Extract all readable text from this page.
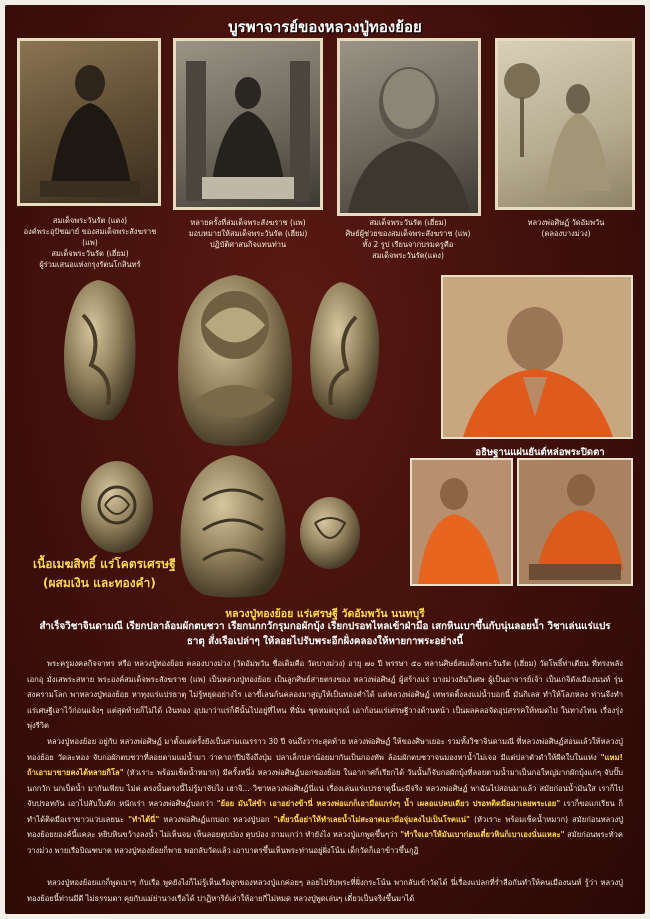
บูรพาจารย์ของหลวงปู่ทองย้อย
สมเด็จพระวันรัต (แดง)
องค์พระอุปัชฌาย์ ของสมเด็จพระสังฆราช (แพ)
สมเด็จพระวันรัต (เฮี่ยม)
ผู้ร่วมเสนอแห่งกรุงรัตนโกสินทร์
หลายครั้งที่สมเด็จพระสังฆราช (แพ)
มอบหมายให้สมเด็จพระวันรัต (เฮี่ยม)
ปฏิบัติศาสนกิจแทนท่าน
สมเด็จพระวันรัต (เฮี่ยม)
ศิษย์ผู้ช่วยของสมเด็จพระสังฆราช (แพ)
ทั้ง 2 รูป เรียนจากบรมครูคือ
สมเด็จพระวันรัต(แดง)
หลวงพ่อศิษฏ์ วัดอัมพวัน
(คลองบางม่วง)
เนื้อเมฆสิทธิ์ แร่โคตรเศรษฐี
(ผสมเงิน และทองคำ)
อธิษฐานแผ่นยันต์หล่อพระปิดตา
หลวงปู่ทองย้อย แร่เศรษฐี วัดอัมพวัน นนทบุรี
สำเร็จวิชาจินดามณี เรียกปลาล้อมผักตบชวา เรียกนกกวักรุมกอผักบุ้ง เรียกปรอทไหลเข้าฝ่ามือ เสกหินเบาขึ้นกับนุ่นลอยน้ำ วิชาเล่นแร่แปรธาตุ สั่งเรือเปล่าๆ ให้ลอยไปรับพระอีกฝั่งคลองให้หายกาพระอย่างนี้
พระครูมงคลกิจจาทร หรือ หลวงปู่ทองย้อย คลองบางม่วง (วัดอัมพวัน ชื่อเดิมคือ วัดบางม่วง) อายุ ๗๐ ปี พรรษา ๕๐ หลานศิษย์สมเด็จพระวันรัต (เฮี่ยม) วัดโพธิ์ท่าเตียน ที่ทรงพลังเอกอุ มั่งเสพระสหาย พระองค์สมเด็จพระสังฆราช (แพ) เป็นหลวงปู่ทองย้อย เป็นลูกศิษย์สายตรงของ หลวงพ่อศิษฏ์ ผู้สร้างแร่ บางม่วงอันวิเศษ ผู้เป็นอาจารย์เจ้า เป็นเกจิดังเมืองนนท์ รุ่นสงครามโลก พาหลวงปู่ทองย้อย หาทุงแร่แปรธาตุ ไม่รู้หยุดอย่างไร เอาขี้เลนก้นคลองมาสูญให้เป็นทองคำได้ แต่หลวงพ่อศิษฏ์ เทพรดติ้งลงแม่น้ำบอกนี้ มันกิเลส ทำให้โลภหลง ท่านจึงทำแร่เศษฐีเอาไว้ก่อนแจ้งๆ แต่สุดท้ายก็ไม่ได้ เงินทอง อุปมาว่าแร่ก็ดีนั้นไปอยู่ที่ไหน ที่นั่น ซุดหมดบุรณ์ เอาก้อนแร่เศรษฐีวางด้านหน้า เป็นผลคลอจัดอุปสรรคให้หมดไป ในทางไหน เรื่องรุ่ง พุ่งรีวิต
หลวงปู่ทองย้อย อยู่กับ หลวงพ่อศิษฏ์ มาตั้งแต่ครั้งยังเป็นสามเณรราว 30 ปี จนถึงวาระสุดท้าย หลวงพ่อศิษฏ์ ให้ของศิษาเยอะ รวมทั้งวิชาจินดามณี ที่หลวงพ่อศิษฏ์สอนแล้วให้หลวงปู่ทองย้อย วัดละหอง จับกอผักตบชวาที่ลอยตามแม่น้ำมา ว่าคาถาปีบจึงถึงปุ่ม ปลาเล็กปลาน้อยมากันเป็นกองทัพ ล้อมผักตบชวาจนมองหาน้ำไม่เจอ มีแต่ปลาตัวดำให้ผีดใบในแห่ง "แหม! ถ้าเอามาขายคงได้หลายกิโล" (หัวเราะ พร้อมเช็ดน้ำหมาก) มีครั้งหนึ่ง หลวงพ่อศิษฏ์บอกของย้อย ในอากาศก็เรียกได้ วันนั้นก็จับกอผักบุ้งที่ลอยตามน้ำมาเป็นกอใหญ่มากผักบุ้งแก่ๆ จับปั๊บ นกกวัก นกเป็ดน้ำ มากันเพียบ ไม่ต่ ตรงนั้นตรงนี้ไม่รู้มาจับไง เฮาจิ... วิชาหลวงพ่อศิษฏ์นี่แน่ เรื่องเล่นแร่แปรธาตุนี้นะมีจริง หลวงพ่อศิษฏ์ พาฉันไปสอนมาแล้ว สมัยก่อนน้ำมันใส เราก็ไปจับปรอทกัน เอาไปสับใบตัก หนักเร่า หลวงพ่อศิษฏ์บอกว่า "ย้อย มันใส่ข้า เอาอย่างข้านี่ หลวงพ่อแกก็เอามือแกร่งๆ น้ำ เผลอแปลบเดียว ปรอทติดมือมาเลยพระเอย" เราก็ขอแกเรียน ก็ทำได้ติดมือเราขาวแวบเลยนะ "ทำได้นี่" หลวงพ่อศิษฏ์แกบอก หลวงปู่บอก "เดี๋ยวนี้อย่าให้ทำเลยน้ำไม่สะอาดเอามือจุ่มลงไปเป็นโรคแน่" (หัวเราะ พร้อมเช็ดน้ำหมาก) สมัยก่อนหลวงปู่ทองย้อยยองค์นี้แคละ หยิบหินขว้างลงน้ำ ไม่เห็นจม เห็นลอยตุบป่อง ตุบป่อง ถามแกว่า ทำยังไง หลวงปู่แกพูดขึ้นๆว่า "ทำใจเอาให้มันเบาก่อนเดี๋ยวหินก็เบาเองนั่นแหละ" สมัยก่อนพระทั่วควางม่วง พายเรือบิณฑบาต หลวงปู่ทองย้อยก็พาย พอกลับวัดแล้ว เอาบาตรขึ้นเห็นพระท่านอยู่ฝั่งโน้น เด็กวัดก็เอาข้าวขึ้นกุฏิ
หลวงปู่ทองย้อยแกก็พูดเบาๆ กับเรือ พูดยังไงก็ไม่รู้เห็นเรือลูกของหลวงปู่แกค่อยๆ ลอยไปรับพระที่ฝั่งกระโน้น พากลับเข้าวัดได้ นี่เรื่องแปลกที่ร่ำลือกันทำให้คนเมืองนนท์ รู้ว่า หลวงปู่ทองย้อยนี้ท่านมีดี ไม่ธรรมดา คุยกับแม่ย่านางเรือได้ ปาฏิหาริย์เล่าให้อายกี่ไม่หมด หลวงปู่พูดเล่นๆ เดี๋ยวเป็นจริงขึ้นมาได้
